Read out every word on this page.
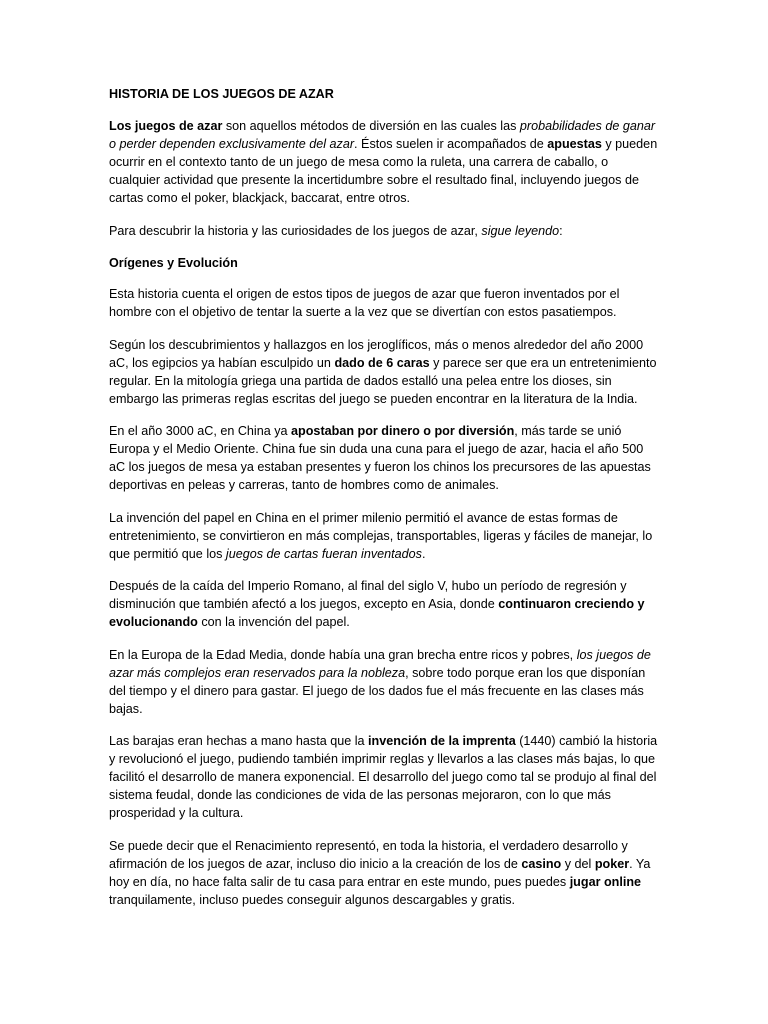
HISTORIA DE LOS JUEGOS DE AZAR

Los juegos de azar son aquellos métodos de diversión en las cuales las probabilidades de ganar o perder dependen exclusivamente del azar. Éstos suelen ir acompañados de apuestas y pueden ocurrir en el contexto tanto de un juego de mesa como la ruleta, una carrera de caballo, o cualquier actividad que presente la incertidumbre sobre el resultado final, incluyendo juegos de cartas como el poker, blackjack, baccarat, entre otros.

Para descubrir la historia y las curiosidades de los juegos de azar, sigue leyendo:

Orígenes y Evolución

Esta historia cuenta el origen de estos tipos de juegos de azar que fueron inventados por el hombre con el objetivo de tentar la suerte a la vez que se divertían con estos pasatiempos.

Según los descubrimientos y hallazgos en los jeroglíficos, más o menos alrededor del año 2000 aC, los egipcios ya habían esculpido un dado de 6 caras y parece ser que era un entretenimiento regular. En la mitología griega una partida de dados estalló una pelea entre los dioses, sin embargo las primeras reglas escritas del juego se pueden encontrar en la literatura de la India.

En el año 3000 aC, en China ya apostaban por dinero o por diversión, más tarde se unió Europa y el Medio Oriente. China fue sin duda una cuna para el juego de azar, hacia el año 500 aC los juegos de mesa ya estaban presentes y fueron los chinos los precursores de las apuestas deportivas en peleas y carreras, tanto de hombres como de animales.

La invención del papel en China en el primer milenio permitió el avance de estas formas de entretenimiento, se convirtieron en más complejas, transportables, ligeras y fáciles de manejar, lo que permitió que los juegos de cartas fueran inventados.

Después de la caída del Imperio Romano, al final del siglo V, hubo un período de regresión y disminución que también afectó a los juegos, excepto en Asia, donde continuaron creciendo y evolucionando con la invención del papel.

En la Europa de la Edad Media, donde había una gran brecha entre ricos y pobres, los juegos de azar más complejos eran reservados para la nobleza, sobre todo porque eran los que disponían del tiempo y el dinero para gastar. El juego de los dados fue el más frecuente en las clases más bajas.

Las barajas eran hechas a mano hasta que la invención de la imprenta (1440) cambió la historia y revolucionó el juego, pudiendo también imprimir reglas y llevarlos a las clases más bajas, lo que facilitó el desarrollo de manera exponencial. El desarrollo del juego como tal se produjo al final del sistema feudal, donde las condiciones de vida de las personas mejoraron, con lo que más prosperidad y la cultura.

Se puede decir que el Renacimiento representó, en toda la historia, el verdadero desarrollo y afirmación de los juegos de azar, incluso dio inicio a la creación de los de casino y del poker. Ya hoy en día, no hace falta salir de tu casa para entrar en este mundo, pues puedes jugar online tranquilamente, incluso puedes conseguir algunos descargables y gratis.
